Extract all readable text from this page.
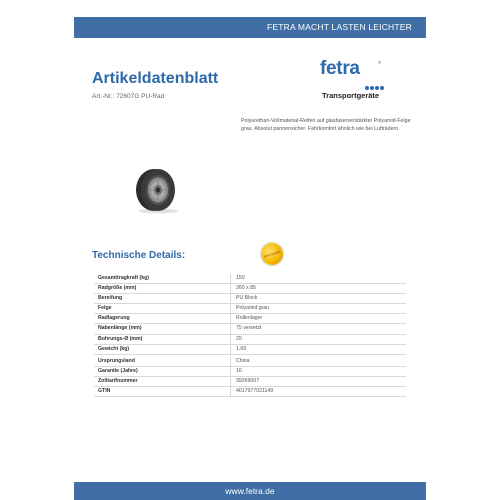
FETRA MACHT LASTEN LEICHTER
Artikeldatenblatt
Art.-Nr.: 72607G PU-Rad
fetra	®
Transportgeräte
Polyurethan-Vollmaterial-Reifen auf glasfaserverstärkter Polyamid-Felge grau. Absolut pannensicher. Fahrkomfort ähnlich wie bei Lufträdern.
Technische Details:	fetra Qualität
Gesamttragkraft (kg)	150
Radgröße (mm)	260 x 85
Bereifung	PU Block
Felge	Polyamid grau
Radlagerung	Rollenlager
Nabenlänge (mm)	75 versetzt
Bohrungs-Ø (mm)	25
Gewicht (kg)	1,69
Ursprungsland	China
Garantie (Jahre)	10
Zolltarifnummer	39269097
GTIN	4017977021149
www.fetra.de
